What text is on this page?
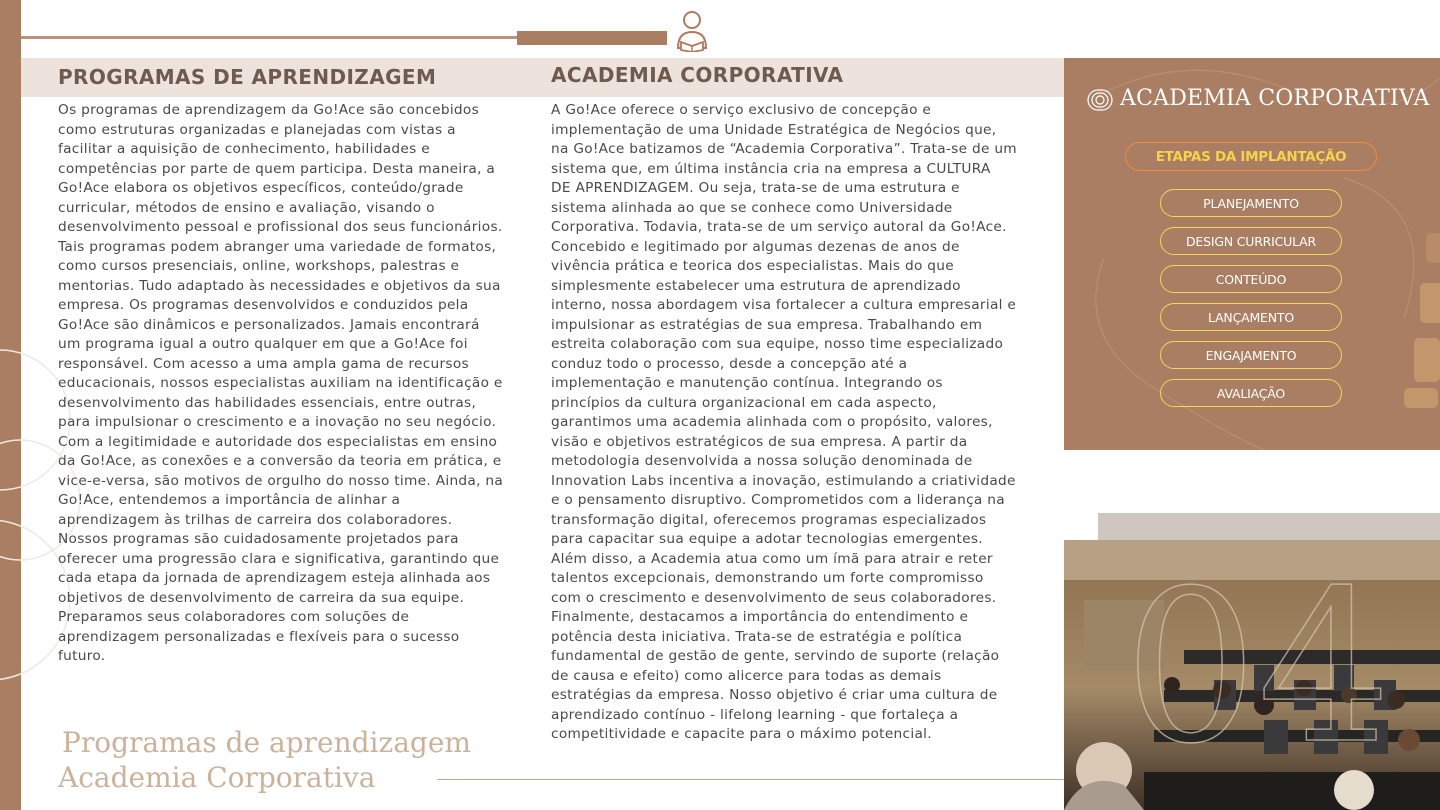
PROGRAMAS DE APRENDIZAGEM

Os programas de aprendizagem da Go!Ace são concebidos
como estruturas organizadas e planejadas com vistas a
facilitar a aquisição de conhecimento, habilidades e
competências por parte de quem participa. Desta maneira, a
Go!Ace elabora os objetivos específicos, conteúdo/grade
curricular, métodos de ensino e avaliação, visando o
desenvolvimento pessoal e profissional dos seus funcionários.
Tais programas podem abranger uma variedade de formatos,
como cursos presenciais, online, workshops, palestras e
mentorias. Tudo adaptado às necessidades e objetivos da sua
empresa. Os programas desenvolvidos e conduzidos pela
Go!Ace são dinâmicos e personalizados. Jamais encontrará
um programa igual a outro qualquer em que a Go!Ace foi
responsável. Com acesso a uma ampla gama de recursos
educacionais, nossos especialistas auxiliam na identificação e
desenvolvimento das habilidades essenciais, entre outras,
para impulsionar o crescimento e a inovação no seu negócio.
Com a legitimidade e autoridade dos especialistas em ensino
da Go!Ace, as conexões e a conversão da teoria em prática, e
vice-e-versa, são motivos de orgulho do nosso time. Ainda, na
Go!Ace, entendemos a importância de alinhar a
aprendizagem às trilhas de carreira dos colaboradores.
Nossos programas são cuidadosamente projetados para
oferecer uma progressão clara e significativa, garantindo que
cada etapa da jornada de aprendizagem esteja alinhada aos
objetivos de desenvolvimento de carreira da sua equipe.
Preparamos seus colaboradores com soluções de
aprendizagem personalizadas e flexíveis para o sucesso
futuro.

ACADEMIA CORPORATIVA

A Go!Ace oferece o serviço exclusivo de concepção e
implementação de uma Unidade Estratégica de Negócios que,
na Go!Ace batizamos de “Academia Corporativa”. Trata-se de um
sistema que, em última instância cria na empresa a CULTURA
DE APRENDIZAGEM. Ou seja, trata-se de uma estrutura e
sistema alinhada ao que se conhece como Universidade
Corporativa. Todavia, trata-se de um serviço autoral da Go!Ace.
Concebido e legitimado por algumas dezenas de anos de
vivência prática e teorica dos especialistas. Mais do que
simplesmente estabelecer uma estrutura de aprendizado
interno, nossa abordagem visa fortalecer a cultura empresarial e
impulsionar as estratégias de sua empresa. Trabalhando em
estreita colaboração com sua equipe, nosso time especializado
conduz todo o processo, desde a concepção até a
implementação e manutenção contínua. Integrando os
princípios da cultura organizacional em cada aspecto,
garantimos uma academia alinhada com o propósito, valores,
visão e objetivos estratégicos de sua empresa. A partir da
metodologia desenvolvida a nossa solução denominada de
Innovation Labs incentiva a inovação, estimulando a criatividade
e o pensamento disruptivo. Comprometidos com a liderança na
transformação digital, oferecemos programas especializados
para capacitar sua equipe a adotar tecnologias emergentes.
Além disso, a Academia atua como um ímã para atrair e reter
talentos excepcionais, demonstrando um forte compromisso
com o crescimento e desenvolvimento de seus colaboradores.
Finalmente, destacamos a importância do entendimento e
potência desta iniciativa. Trata-se de estratégia e política
fundamental de gestão de gente, servindo de suporte (relação
de causa e efeito) como alicerce para todas as demais
estratégias da empresa. Nosso objetivo é criar uma cultura de
aprendizado contínuo - lifelong learning - que fortaleça a
competitividade e capacite para o máximo potencial.

Programas de aprendizagem

Academia Corporativa

ACADEMIA CORPORATIVA

ETAPAS DA IMPLANTAÇÃO
PLANEJAMENTO
DESIGN CURRICULAR
CONTEÚDO
LANÇAMENTO
ENGAJAMENTO
AVALIAÇÃO
04
